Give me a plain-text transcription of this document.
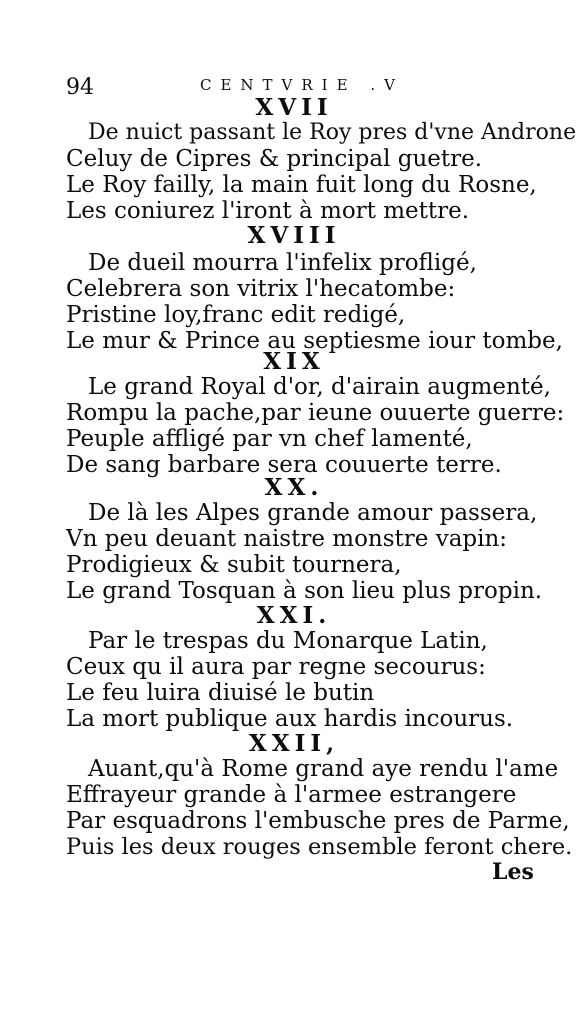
94	CENTVRIE .V
XVII
De nuict passant le Roy pres d'vne Androne
Celuy de Cipres & principal guetre.
Le Roy failly, la main fuit long du Rosne,
Les coniurez l'iront à mort mettre.
XVIII
De dueil mourra l'infelix profligé,
Celebrera son vitrix l'hecatombe:
Pristine loy,franc edit redigé,
Le mur & Prince au septiesme iour tombe,
XIX
Le grand Royal d'or, d'airain augmenté,
Rompu la pache,par ieune ouuerte guerre:
Peuple affligé par vn chef lamenté,
De sang barbare sera couuerte terre.
XX.
De là les Alpes grande amour passera,
Vn peu deuant naistre monstre vapin:
Prodigieux & subit tournera,
Le grand Tosquan à son lieu plus propin.
XXI.
Par le trespas du Monarque Latin,
Ceux qu il aura par regne secourus:
Le feu luira diuisé le butin
La mort publique aux hardis incourus.
XXII,
Auant,qu'à Rome grand aye rendu l'ame
Effrayeur grande à l'armee estrangere
Par esquadrons l'embusche pres de Parme,
Puis les deux rouges ensemble feront chere.
Les
